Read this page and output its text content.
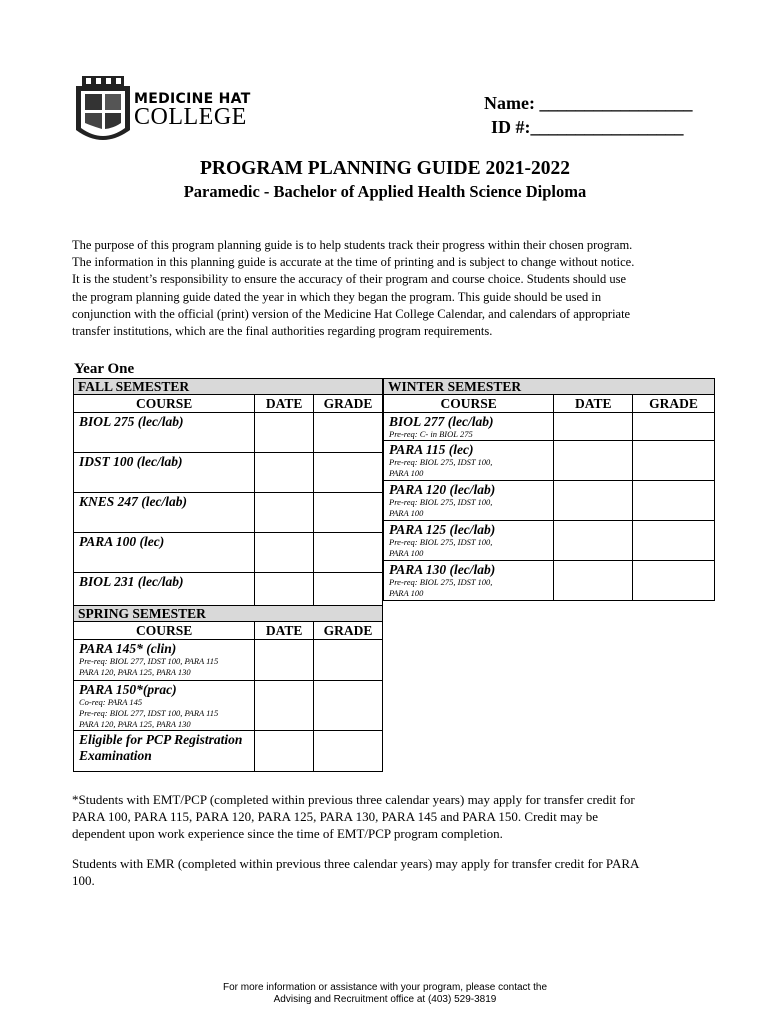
MEDICINE HAT
COLLEGE
Name: _________________
ID #:_________________
PROGRAM PLANNING GUIDE 2021-2022
Paramedic - Bachelor of Applied Health Science Diploma
The purpose of this program planning guide is to help students track their progress within their chosen program.
The information in this planning guide is accurate at the time of printing and is subject to change without notice.
It is the student’s responsibility to ensure the accuracy of their program and course choice. Students should use
the program planning guide dated the year in which they began the program. This guide should be used in
conjunction with the official (print) version of the Medicine Hat College Calendar, and calendars of appropriate
transfer institutions, which are the final authorities regarding program requirements.
Year One
FALL SEMESTER		
COURSE	DATE	GRADE

BIOL 275 (lec/lab)		

IDST 100 (lec/lab)		

KNES 247 (lec/lab)		

PARA 100 (lec)		

BIOL 231 (lec/lab)		

WINTER SEMESTER		
COURSE	DATE	GRADE

BIOL 277 (lec/lab)
Pre-req: C- in BIOL 275		

PARA 115 (lec)
Pre-req: BIOL 275, IDST 100,
PARA 100		

PARA 120 (lec/lab)
Pre-req: BIOL 275, IDST 100,
PARA 100		

PARA 125 (lec/lab)
Pre-req: BIOL 275, IDST 100,
PARA 100		

PARA 130 (lec/lab)
Pre-req: BIOL 275, IDST 100,
PARA 100		

SPRING SEMESTER		
COURSE	DATE	GRADE

PARA 145* (clin)
Pre-req: BIOL 277, IDST 100, PARA 115
PARA 120, PARA 125, PARA 130		

PARA 150*(prac)
Co-req: PARA 145
Pre-req: BIOL 277, IDST 100, PARA 115
PARA 120, PARA 125, PARA 130		

Eligible for PCP Registration
Examination		

*Students with EMT/PCP (completed within previous three calendar years) may apply for transfer credit for
PARA 100, PARA 115, PARA 120, PARA 125, PARA 130, PARA 145 and PARA 150. Credit may be
dependent upon work experience since the time of EMT/PCP program completion.
Students with EMR (completed within previous three calendar years) may apply for transfer credit for PARA
100.
For more information or assistance with your program, please contact the
Advising and Recruitment office at (403) 529-3819
